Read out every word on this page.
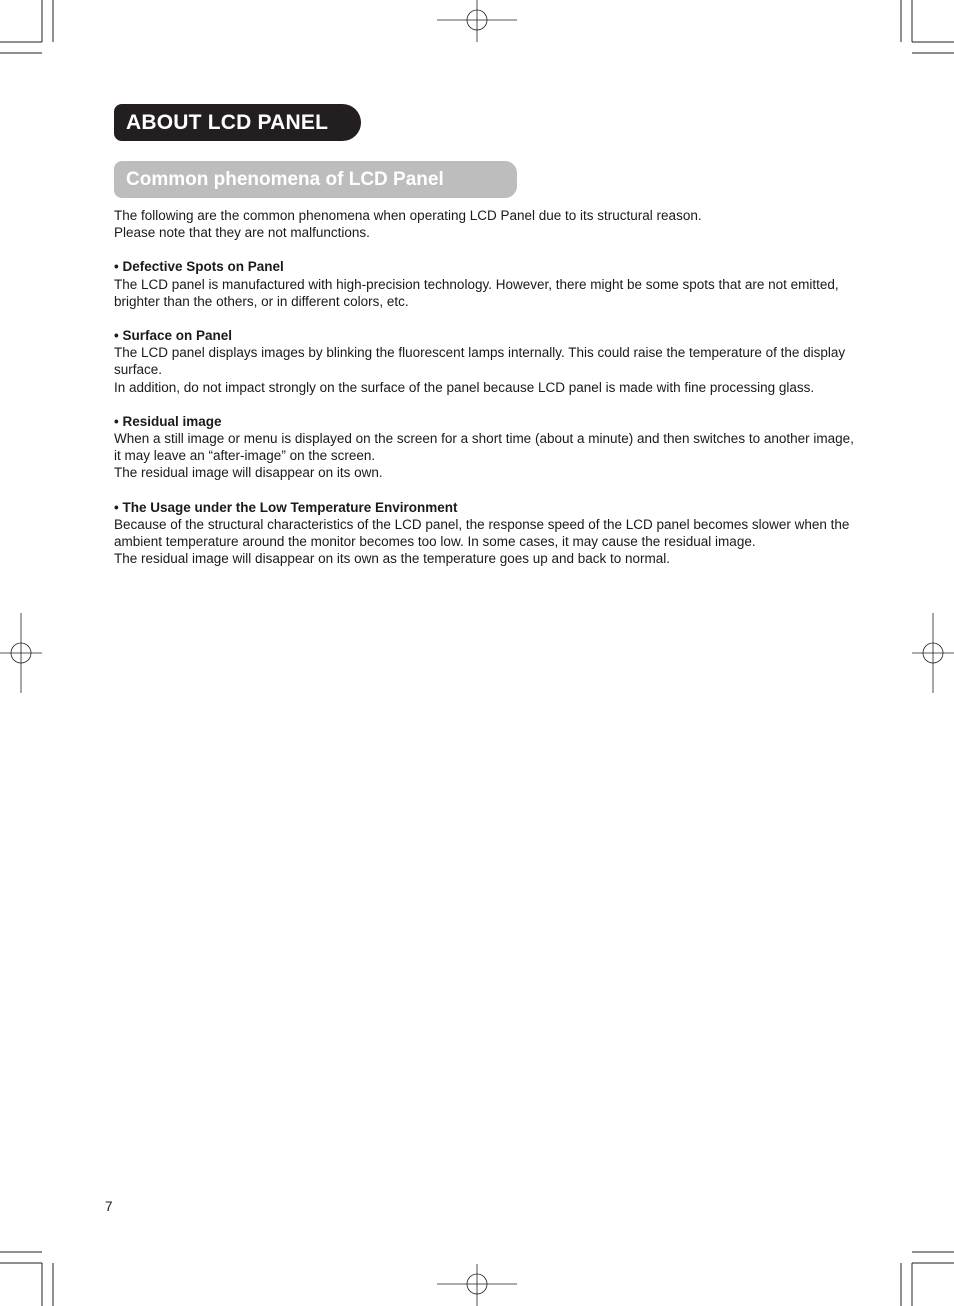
ABOUT LCD PANEL
Common phenomena of LCD Panel

The following are the common phenomena when operating LCD Panel due to its structural reason.

Please note that they are not malfunctions.

• Defective Spots on Panel

The LCD panel is manufactured with high-precision technology. However, there might be some spots that are not emitted, brighter than the others, or in different colors, etc.

• Surface on Panel

The LCD panel displays images by blinking the fluorescent lamps internally. This could raise the temperature of the display surface.

In addition, do not impact strongly on the surface of the panel because LCD panel is made with fine processing glass.

• Residual image

When a still image or menu is displayed on the screen for a short time (about a minute) and then switches to another image, it may leave an “after-image” on the screen.

The residual image will disappear on its own.

• The Usage under the Low Temperature Environment

Because of the structural characteristics of the LCD panel, the response speed of the LCD panel becomes slower when the ambient temperature around the monitor becomes too low. In some cases, it may cause the residual image.

The residual image will disappear on its own as the temperature goes up and back to normal.

7
